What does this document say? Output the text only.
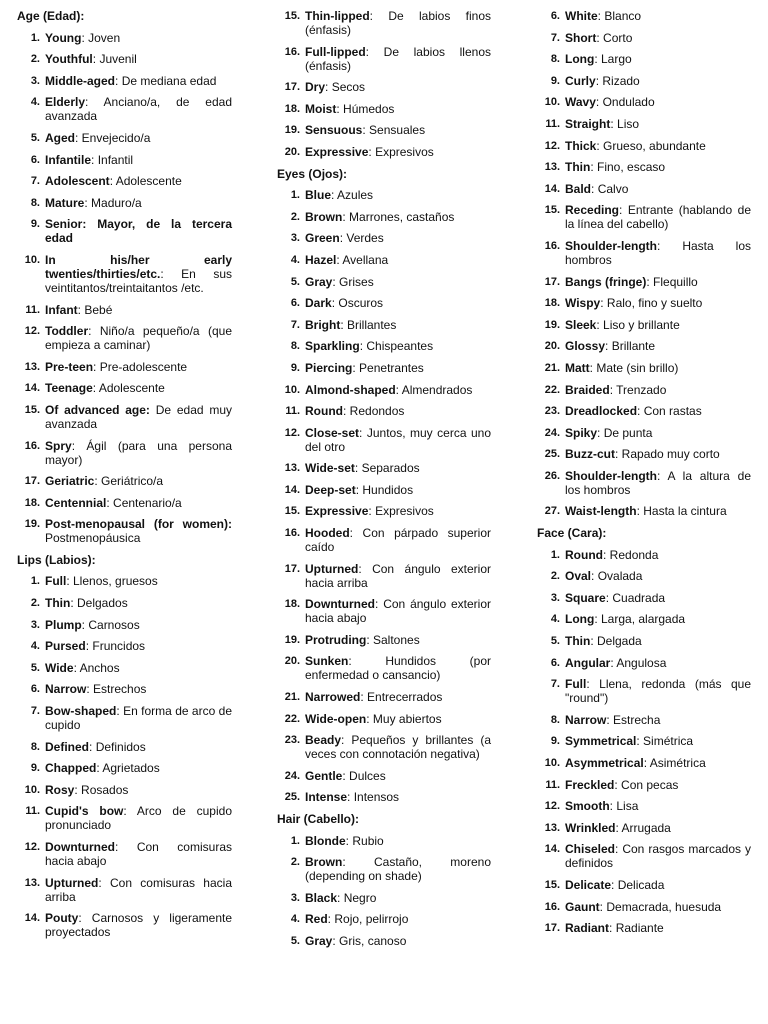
Age (Edad):
1. Young: Joven
2. Youthful: Juvenil
3. Middle-aged: De mediana edad
4. Elderly: Anciano/a, de edad avanzada
5. Aged: Envejecido/a
6. Infantile: Infantil
7. Adolescent: Adolescente
8. Mature: Maduro/a
9. Senior: Mayor, de la tercera edad
10. In his/her early twenties/thirties/etc.: En sus veintitantos/treintaitantos /etc.
11. Infant: Bebé
12. Toddler: Niño/a pequeño/a (que empieza a caminar)
13. Pre-teen: Pre-adolescente
14. Teenage: Adolescente
15. Of advanced age: De edad muy avanzada
16. Spry: Ágil (para una persona mayor)
17. Geriatric: Geriátrico/a
18. Centennial: Centenario/a
19. Post-menopausal (for women): Postmenopáusica
Lips (Labios):
1. Full: Llenos, gruesos
2. Thin: Delgados
3. Plump: Carnosos
4. Pursed: Fruncidos
5. Wide: Anchos
6. Narrow: Estrechos
7. Bow-shaped: En forma de arco de cupido
8. Defined: Definidos
9. Chapped: Agrietados
10. Rosy: Rosados
11. Cupid's bow: Arco de cupido pronunciado
12. Downturned: Con comisuras hacia abajo
13. Upturned: Con comisuras hacia arriba
14. Pouty: Carnosos y ligeramente proyectados
15. Thin-lipped: De labios finos (énfasis)
16. Full-lipped: De labios llenos (énfasis)
17. Dry: Secos
18. Moist: Húmedos
19. Sensuous: Sensuales
20. Expressive: Expresivos
Eyes (Ojos):
1. Blue: Azules
2. Brown: Marrones, castaños
3. Green: Verdes
4. Hazel: Avellana
5. Gray: Grises
6. Dark: Oscuros
7. Bright: Brillantes
8. Sparkling: Chispeantes
9. Piercing: Penetrantes
10. Almond-shaped: Almendrados
11. Round: Redondos
12. Close-set: Juntos, muy cerca uno del otro
13. Wide-set: Separados
14. Deep-set: Hundidos
15. Expressive: Expresivos
16. Hooded: Con párpado superior caído
17. Upturned: Con ángulo exterior hacia arriba
18. Downturned: Con ángulo exterior hacia abajo
19. Protruding: Saltones
20. Sunken: Hundidos (por enfermedad o cansancio)
21. Narrowed: Entrecerrados
22. Wide-open: Muy abiertos
23. Beady: Pequeños y brillantes (a veces con connotación negativa)
24. Gentle: Dulces
25. Intense: Intensos
Hair (Cabello):
1. Blonde: Rubio
2. Brown: Castaño, moreno (depending on shade)
3. Black: Negro
4. Red: Rojo, pelirrojo
5. Gray: Gris, canoso
6. White: Blanco
7. Short: Corto
8. Long: Largo
9. Curly: Rizado
10. Wavy: Ondulado
11. Straight: Liso
12. Thick: Grueso, abundante
13. Thin: Fino, escaso
14. Bald: Calvo
15. Receding: Entrante (hablando de la línea del cabello)
16. Shoulder-length: Hasta los hombros
17. Bangs (fringe): Flequillo
18. Wispy: Ralo, fino y suelto
19. Sleek: Liso y brillante
20. Glossy: Brillante
21. Matt: Mate (sin brillo)
22. Braided: Trenzado
23. Dreadlocked: Con rastas
24. Spiky: De punta
25. Buzz-cut: Rapado muy corto
26. Shoulder-length: A la altura de los hombros
27. Waist-length: Hasta la cintura
Face (Cara):
1. Round: Redonda
2. Oval: Ovalada
3. Square: Cuadrada
4. Long: Larga, alargada
5. Thin: Delgada
6. Angular: Angulosa
7. Full: Llena, redonda (más que "round")
8. Narrow: Estrecha
9. Symmetrical: Simétrica
10. Asymmetrical: Asimétrica
11. Freckled: Con pecas
12. Smooth: Lisa
13. Wrinkled: Arrugada
14. Chiseled: Con rasgos marcados y definidos
15. Delicate: Delicada
16. Gaunt: Demacrada, huesuda
17. Radiant: Radiante
